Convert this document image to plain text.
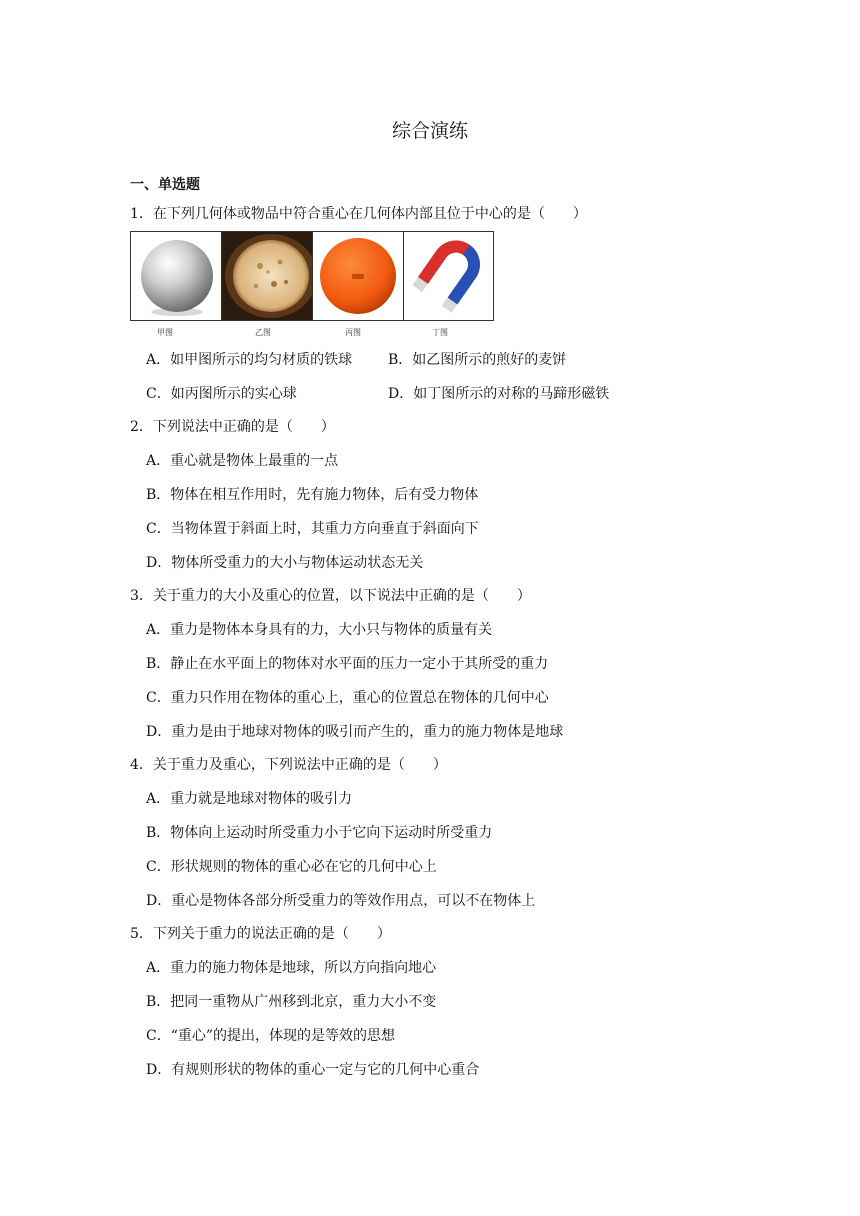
综合演练
一、单选题
1．在下列几何体或物品中符合重心在几何体内部且位于中心的是（　　）
甲图	乙图	丙图	丁图
A．如甲图所示的均匀材质的铁球	B．如乙图所示的煎好的麦饼
C．如丙图所示的实心球	D．如丁图所示的对称的马蹄形磁铁
2．下列说法中正确的是（　　）
A．重心就是物体上最重的一点
B．物体在相互作用时，先有施力物体，后有受力物体
C．当物体置于斜面上时，其重力方向垂直于斜面向下
D．物体所受重力的大小与物体运动状态无关
3．关于重力的大小及重心的位置，以下说法中正确的是（　　）
A．重力是物体本身具有的力，大小只与物体的质量有关
B．静止在水平面上的物体对水平面的压力一定小于其所受的重力
C．重力只作用在物体的重心上，重心的位置总在物体的几何中心
D．重力是由于地球对物体的吸引而产生的，重力的施力物体是地球
4．关于重力及重心，下列说法中正确的是（　　）
A．重力就是地球对物体的吸引力
B．物体向上运动时所受重力小于它向下运动时所受重力
C．形状规则的物体的重心必在它的几何中心上
D．重心是物体各部分所受重力的等效作用点，可以不在物体上
5．下列关于重力的说法正确的是（　　）
A．重力的施力物体是地球，所以方向指向地心
B．把同一重物从广州移到北京，重力大小不变
C．“重心”的提出，体现的是等效的思想
D．有规则形状的物体的重心一定与它的几何中心重合
